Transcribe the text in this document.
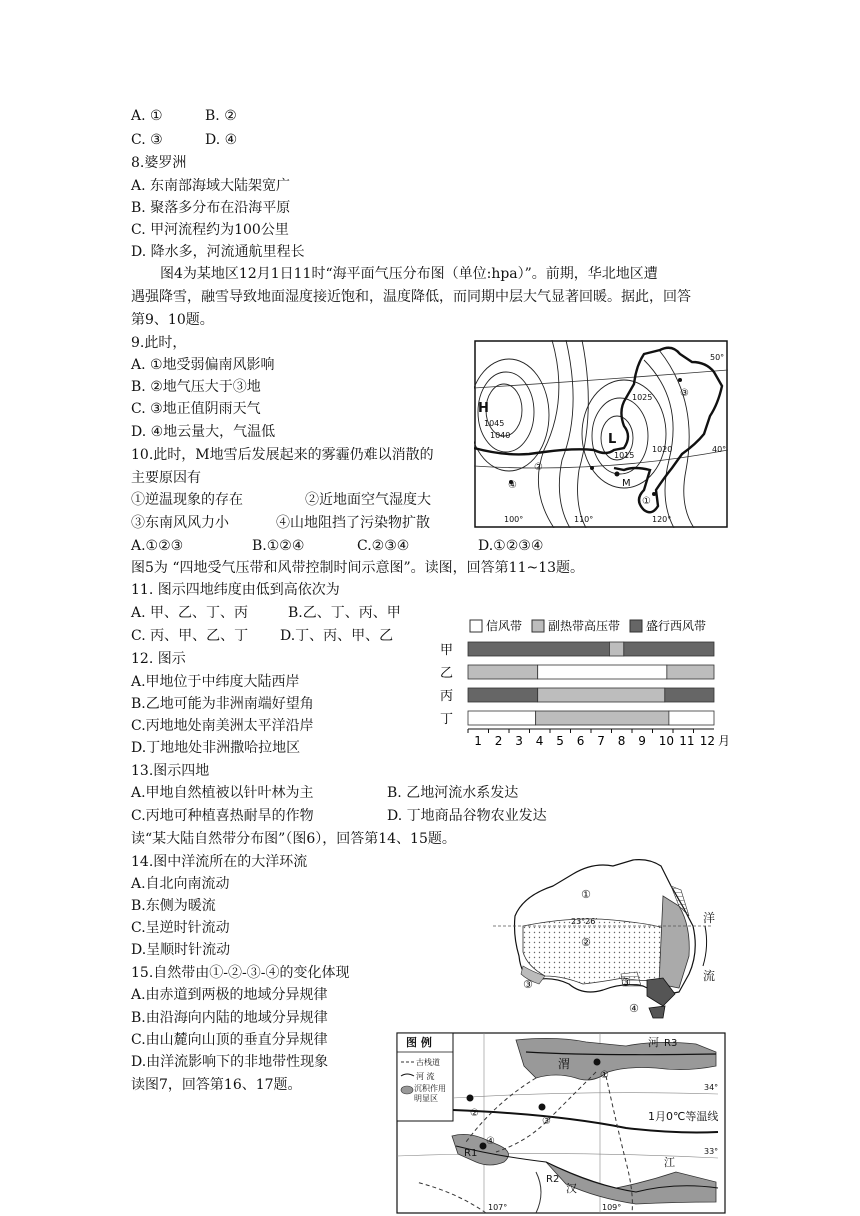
A. ①	B. ②
C. ③	D. ④
8.婆罗洲
A. 东南部海域大陆架宽广
B. 聚落多分布在沿海平原
C. 甲河流程约为100公里
D. 降水多，河流通航里程长
图4为某地区12月1日11时“海平面气压分布图（单位:hpa）”。前期，华北地区遭
遇强降雪，融雪导致地面湿度接近饱和，温度降低，而同期中层大气显著回暖。据此，回答
第9、10题。
9.此时，
A. ①地受弱偏南风影响
B. ②地气压大于③地
C. ③地正值阴雨天气
D. ④地云量大，气温低
10.此时，M地雪后发展起来的雾霾仍难以消散的
主要原因有
①逆温现象的存在	②近地面空气湿度大
③东南风风力小	④山地阻挡了污染物扩散
A.①②③	B.①②④	C.②③④	D.①②③④
图5为 “四地受气压带和风带控制时间示意图”。读图，回答第11~13题。
11. 图示四地纬度由低到高依次为
A. 甲、乙、丁、丙	B.乙、丁、丙、甲
C. 丙、甲、乙、丁 D.丁、丙、甲、乙
12. 图示
A.甲地位于中纬度大陆西岸
B.乙地可能为非洲南端好望角
C.丙地地处南美洲太平洋沿岸
D.丁地地处非洲撒哈拉地区
13.图示四地
A.甲地自然植被以针叶林为主	B. 乙地河流水系发达
C.丙地可种植喜热耐旱的作物	D. 丁地商品谷物农业发达
读“某大陆自然带分布图”（图6），回答第14、15题。
14.图中洋流所在的大洋环流
A.自北向南流动
B.东侧为暖流
C.呈逆时针流动
D.呈顺时针流动
15.自然带由①-②-③-④的变化体现
A.由赤道到两极的地域分异规律
B.由沿海向内陆的地域分异规律
C.由山麓向山顶的垂直分异规律
D.由洋流影响下的非地带性现象
读图7，回答第16、17题。
H
L
M
1045
1040
1015
1025
1020
①
②
③
④
50°
40°
100°	110°	120°
信风带 副热带高压带 盛行西风带
甲
乙
丙
丁
1 2 3 4 5 6 7 8 9 10 11 12 月
①
②
③	③
④
23°26′	洋
流
图 例
古栈道
河 流
沉积作用明显区
渭
河 R3
①
②
③
④
R1
R2
汉
江
34°
33°
107°	109°
1月0℃等温线
